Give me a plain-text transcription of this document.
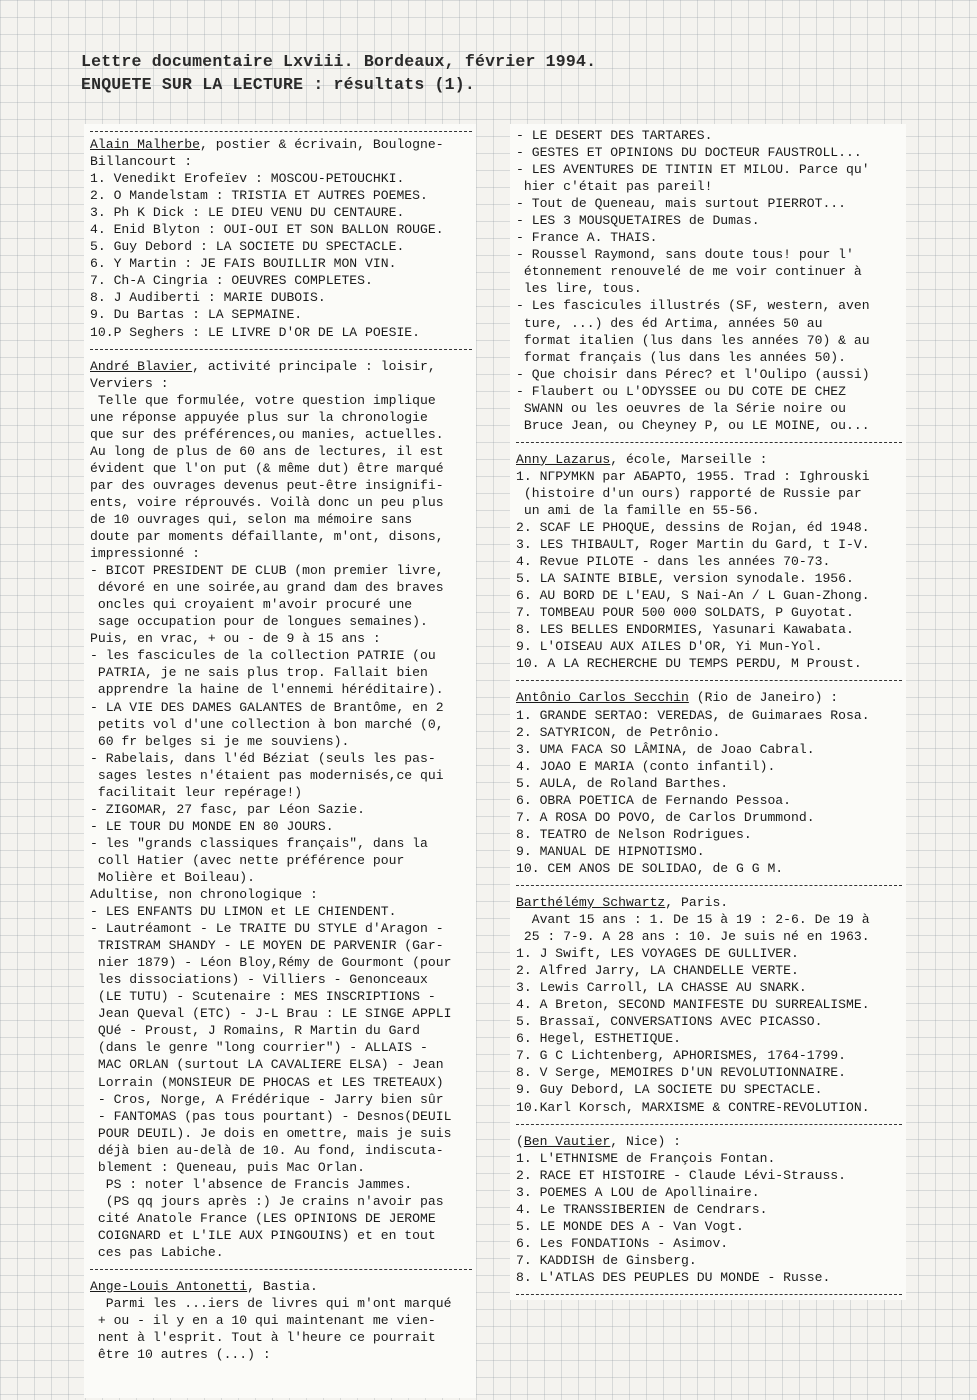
Lettre documentaire Lxviii. Bordeaux, février 1994.
ENQUETE SUR LA LECTURE : résultats (1).
Alain Malherbe, postier & écrivain, Boulogne-
Billancourt :
1. Venedikt Erofeïev : MOSCOU-PETOUCHKI.
2. O Mandelstam : TRISTIA ET AUTRES POEMES.
3. Ph K Dick : LE DIEU VENU DU CENTAURE.
4. Enid Blyton : OUI-OUI ET SON BALLON ROUGE.
5. Guy Debord : LA SOCIETE DU SPECTACLE.
6. Y Martin : JE FAIS BOUILLIR MON VIN.
7. Ch-A Cingria : OEUVRES COMPLETES.
8. J Audiberti : MARIE DUBOIS.
9. Du Bartas : LA SEPMAINE.
10.P Seghers : LE LIVRE D'OR DE LA POESIE.
André Blavier, activité principale : loisir,
Verviers :
Telle que formulée, votre question implique
une réponse appuyée plus sur la chronologie
que sur des préférences,ou manies, actuelles.
Au long de plus de 60 ans de lectures, il est
évident que l'on put (& même dut) être marqué
par des ouvrages devenus peut-être insignifi-
ents, voire réprouvés. Voilà donc un peu plus
de 10 ouvrages qui, selon ma mémoire sans
doute par moments défaillante, m'ont, disons,
impressionné :
- BICOT PRESIDENT DE CLUB (mon premier livre,
dévoré en une soirée,au grand dam des braves
oncles qui croyaient m'avoir procuré une
sage occupation pour de longues semaines).
Puis, en vrac, + ou - de 9 à 15 ans :
- les fascicules de la collection PATRIE (ou
PATRIA, je ne sais plus trop. Fallait bien
apprendre la haine de l'ennemi héréditaire).
- LA VIE DES DAMES GALANTES de Brantôme, en 2
petits vol d'une collection à bon marché (0,
60 fr belges si je me souviens).
- Rabelais, dans l'éd Béziat (seuls les pas-
sages lestes n'étaient pas modernisés,ce qui
facilitait leur repérage!)
- ZIGOMAR, 27 fasc, par Léon Sazie.
- LE TOUR DU MONDE EN 80 JOURS.
- les "grands classiques français", dans la
coll Hatier (avec nette préférence pour
Molière et Boileau).
Adultise, non chronologique :
- LES ENFANTS DU LIMON et LE CHIENDENT.
- Lautréamont - Le TRAITE DU STYLE d'Aragon -
TRISTRAM SHANDY - LE MOYEN DE PARVENIR (Gar-
nier 1879) - Léon Bloy,Rémy de Gourmont (pour
les dissociations) - Villiers - Genonceaux
(LE TUTU) - Scutenaire : MES INSCRIPTIONS -
Jean Queval (ETC) - J-L Brau : LE SINGE APPLI
QUé - Proust, J Romains, R Martin du Gard
(dans le genre "long courrier") - ALLAIS -
MAC ORLAN (surtout LA CAVALIERE ELSA) - Jean
Lorrain (MONSIEUR DE PHOCAS et LES TRETEAUX)
- Cros, Norge, A Frédérique - Jarry bien sûr
- FANTOMAS (pas tous pourtant) - Desnos(DEUIL
POUR DEUIL). Je dois en omettre, mais je suis
déjà bien au-delà de 10. Au fond, indiscuta-
blement : Queneau, puis Mac Orlan.
PS : noter l'absence de Francis Jammes.
(PS qq jours après :) Je crains n'avoir pas
cité Anatole France (LES OPINIONS DE JEROME
COIGNARD et L'ILE AUX PINGOUINS) et en tout
ces pas Labiche.
Ange-Louis Antonetti, Bastia.
Parmi les ...iers de livres qui m'ont marqué
+ ou - il y en a 10 qui maintenant me vien-
nent à l'esprit. Tout à l'heure ce pourrait
être 10 autres (...) :
- LE DESERT DES TARTARES.
- GESTES ET OPINIONS DU DOCTEUR FAUSTROLL...
- LES AVENTURES DE TINTIN ET MILOU. Parce qu'
hier c'était pas pareil!
- Tout de Queneau, mais surtout PIERROT...
- LES 3 MOUSQUETAIRES de Dumas.
- France A. THAIS.
- Roussel Raymond, sans doute tous! pour l'
étonnement renouvelé de me voir continuer à
les lire, tous.
- Les fascicules illustrés (SF, western, aven
ture, ...) des éd Artima, années 50 au
format italien (lus dans les années 70) & au
format français (lus dans les années 50).
- Que choisir dans Pérec? et l'Oulipo (aussi)
- Flaubert ou L'ODYSSEE ou DU COTE DE CHEZ
SWANN ou les oeuvres de la Série noire ou
Bruce Jean, ou Cheyney P, ou LE MOINE, ou...
Anny Lazarus, école, Marseille :
1. NГРУМКN par AБAPTO, 1955. Trad : Ighrouski
(histoire d'un ours) rapporté de Russie par
un ami de la famille en 55-56.
2. SCAF LE PHOQUE, dessins de Rojan, éd 1948.
3. LES THIBAULT, Roger Martin du Gard, t I-V.
4. Revue PILOTE - dans les années 70-73.
5. LA SAINTE BIBLE, version synodale. 1956.
6. AU BORD DE L'EAU, S Nai-An / L Guan-Zhong.
7. TOMBEAU POUR 500 000 SOLDATS, P Guyotat.
8. LES BELLES ENDORMIES, Yasunari Kawabata.
9. L'OISEAU AUX AILES D'OR, Yi Mun-Yol.
10. A LA RECHERCHE DU TEMPS PERDU, M Proust.
Antônio Carlos Secchin (Rio de Janeiro) :
1. GRANDE SERTAO: VEREDAS, de Guimaraes Rosa.
2. SATYRICON, de Petrônio.
3. UMA FACA SO LÂMINA, de Joao Cabral.
4. JOAO E MARIA (conto infantil).
5. AULA, de Roland Barthes.
6. OBRA POETICA de Fernando Pessoa.
7. A ROSA DO POVO, de Carlos Drummond.
8. TEATRO de Nelson Rodrigues.
9. MANUAL DE HIPNOTISMO.
10. CEM ANOS DE SOLIDAO, de G G M.
Barthélémy Schwartz, Paris.
Avant 15 ans : 1. De 15 à 19 : 2-6. De 19 à
25 : 7-9. A 28 ans : 10. Je suis né en 1963.
1. J Swift, LES VOYAGES DE GULLIVER.
2. Alfred Jarry, LA CHANDELLE VERTE.
3. Lewis Carroll, LA CHASSE AU SNARK.
4. A Breton, SECOND MANIFESTE DU SURREALISME.
5. Brassaï, CONVERSATIONS AVEC PICASSO.
6. Hegel, ESTHETIQUE.
7. G C Lichtenberg, APHORISMES, 1764-1799.
8. V Serge, MEMOIRES D'UN REVOLUTIONNAIRE.
9. Guy Debord, LA SOCIETE DU SPECTACLE.
10.Karl Korsch, MARXISME & CONTRE-REVOLUTION.
(Ben Vautier, Nice) :
1. L'ETHNISME de François Fontan.
2. RACE ET HISTOIRE - Claude Lévi-Strauss.
3. POEMES A LOU de Apollinaire.
4. Le TRANSSIBERIEN de Cendrars.
5. LE MONDE DES A - Van Vogt.
6. Les FONDATIONs - Asimov.
7. KADDISH de Ginsberg.
8. L'ATLAS DES PEUPLES DU MONDE - Russe.
